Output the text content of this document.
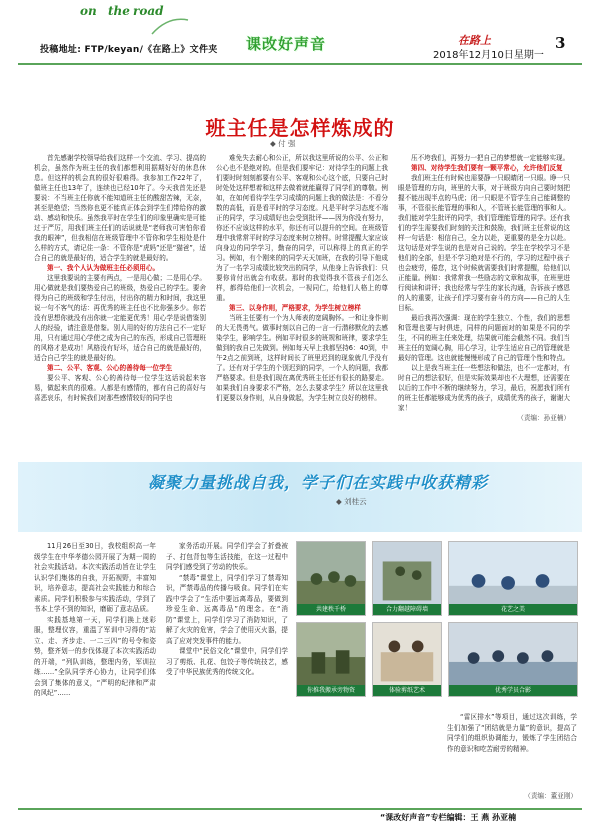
on the road
投稿地址: FTP/keyan/《在路上》文件夹 课改好声音	在路上
2018年12月10日星期一
3
班主任是怎样炼成的
◆ 付 强

首先感谢学校领导给我们这样一个交流、学习、提高的机会，虽然作为班主任的我们都想利用据期好好的休息休息。但这样的机会真的很好很难得。我参加工作22年了，做班主任也13年了，连续也已经10年了。今天我首先还是要说：不当班主任你就不能知道班主任的酸甜苦辣，无奈，甚至是绝望；当然你也更不能真正体会到学生们带给你的激动、感动和快乐。虽然我平时在学生们的印象里确实是可能过于严厉，用我们班主任们的话说就是“老师我可害怕你看我的眼神”，但我相信在班级管理中不管你和学生相处是什么样的方式，请记住一条：不管你是“虎妈”还是“猫爸”，适合自己的就是最好的，适合学生的就是最好的。

第一、我个人认为做班主任必须用心。

这里我要说的主要有两点，一是用心做；二是用心学。用心做就是我们要热爱自己的班级，热爱自己的学生。要舍得为自己的班级和学生付出，付出你的精力和时间，我这里说一句不客气的话：再优秀的班主任也不比你强多少。你若没有思想你就没有出你就一定能更优秀！用心学是说借鉴别人的经验，请注意是借鉴。别人用的好的方法自己不一定好用，只有通过用心学使之成为自己的东西，形成自己管理班的风格才是成功！风格没有好坏，适合自己的就是最好的，适合自己学生的就是最好的。

第二、公平、客观、公心的善待每一位学生

要公平、客观、公心的善待每一位学生这话说起来容易，做起来真的很难。人都是有感情的，都有自己的喜好与喜恶哀乐，有时候我们对那些感情较好的同学也

难免失去耐心和公正，所以我这里所说的公平、公正和公心也不是绝对的。但是我们要牢记：对待学生的问题上我们要时时刻刻都要有公平、客观和公心这个底，只要自己时时处处这样想着和这样去做着就能赢得了同学们的尊敬。例如，在如何看待学生学习成绩的问题上我的做法是：不看分数的高低，而是看平时的学习态度。凡是平时学习态度不端正的同学，学习成绩好也会受到批评——因为你没有努力，你还不应该这样的水平，你还有可以提升的空间。在班级管理中我常常平时的学习态度来树立榜样。时常提醒大家应该向身边的同学学习，勤奋的同学，可以称得上的真正的学习。例如，有个刚来的的同学天天加班，在我的引导下他成为了一名学习成绩比较突出的同学，从他身上告诉我们：只要你肯付出就会有收获。那时的我觉得我不管孩子们怎么样，都得给他们一次机会，一视同仁，给他们人格上的尊重。

第三、以身作则，严格要求，为学生树立榜样

当班主任要有一个为人师表的宽阔胸怀。一和让身作则的大无畏勇气。做事时刻以自己的一言一行潜移默化的去感染学生，影响学生。例如平时很多的班规和班律，要求学生做到的我自己先做到。例如每天早上我都坚持6：40到，中午2点之前到班，这样时间长了班里迟到的现象就几乎没有了。还有对于学生的个别迟到的同学，一个人的问题，我都严格要求。但是我们现在离优秀班主任还有很长的路要走。如果我们自身要求不严格，怎么去要求学生？所以在这里我们更要以身作则，从自身做起，为学生树立良好的榜样。

压不垮我们，再努力一把自己的梦想就一定能够实现。

第四、对待学生我们要有一颗平常心，允许他们反复

我们班主任有时候也需要静一只眼睛闭一只眼。睁一只眼是管理的方向，班里的大事，对于班级方向自己要时刻把握不能出现半点的马虎；闭一只眼是不管学生自己能调整的事，不管很长能管理的事和人，不管班长能管理的事和人。我们能对学生批评的同学，我们管理能管理的同学。还有我们的学生需要我们时刻的关注和鼓励，我们班主任常说的这样一句话是：相信自己，全力以赴，更重要的是全力以赴。这句话是对学生说的也是对自己说的。学生在学校学习不是他们的全部，但是不学习绝对是不行的，学习的过程中孩子也会疲劳，倦怠，这个时候就需要我们时常提醒，给他们以正能量。例如：我常常我一些励志的文章和故事，在班里进行阅读和讲评；我也经常与学生的家长沟通，告诉孩子感恩的人的重要，让孩子们学习要有奋斗的方向——自己的人生目标。

最后我再次强调：现在的学生独立、个性，我们的思想和管理也要与时俱进，同样的问题面对的如果是不同的学生，不同的班主任来处理，结果就可能会截然不同。我们当班主任的宽阔心胸，用心学习，让学生适应自己的管理就是最好的管理。这也就能慢慢形成了自己的管理个性和特点。

以上是我当班主任一些想法和做法，也不一定都对，有时自己的想法很好，但是实际效果却也不大理想，还需要在以后的工作中不断的继续努力，学习，最后，祝愿我们所有的班主任都能够成为优秀的孩子，成绩优秀的孩子，谢谢大家！

（责编：孙亚楠）

凝聚力量挑战自我，学子们在实践中收获精彩
◆ 刘桂云

11月26日至30日，我校组织高一年级学生在中华孝德公园开展了为期一周的社会实践活动。本次实践活动旨在让学生认识学们集体的自我，开拓视野，丰富知识，培养意志，提高社会实践能力和综合素质。同学们积极参与实践活动，学到了书本上学不到的知识，磨砺了意志品质。

实践基地第一天，同学们换上迷彩服，整理仪容，重温了军训中习得的“站立、走、齐步走、一二三四”的号令和姿势，整齐划一的步伐体现了本次实践活动的开端，“列队训练，整理内务，军训拉练……”全队同学齐心协力，让同学们体会到了集体的意义，“严明的纪律和严肃的风纪”……

家务活动开展。同学们学会了折叠被子、打包背包等生活技能，在这一过程中同学们感受到了劳动的快乐。

“禁毒”课堂上，同学们学习了禁毒知识，严禁毒品的传播与吸食。同学们在实践中学会了“生活中要远离毒品，要做到珍爱生命、远离毒品”的理念。在“消防”课堂上，同学们学习了消防知识，了解了火灾的危害，学会了使用灭火器，提高了应对突发事件的能力。

课堂中“民俗文化”课堂中，同学们学习了剪纸、扎花、包饺子等传统技艺，感受了中华民族优秀的传统文化。

共建秩千桥	合力翻越障碍墙	花艺之美
你推我搬承旁物资	体验剪纸艺术	优秀学员合影

“雷区排水”等项目，通过这次训练，学生们加强了“团结就是力量”的意识，提高了同学们的组织协调能力，锻炼了学生团结合作的意识和吃苦耐劳的精神。

（责编：董亚刚）
“课改好声音”专栏编辑：王 燕 孙亚楠
